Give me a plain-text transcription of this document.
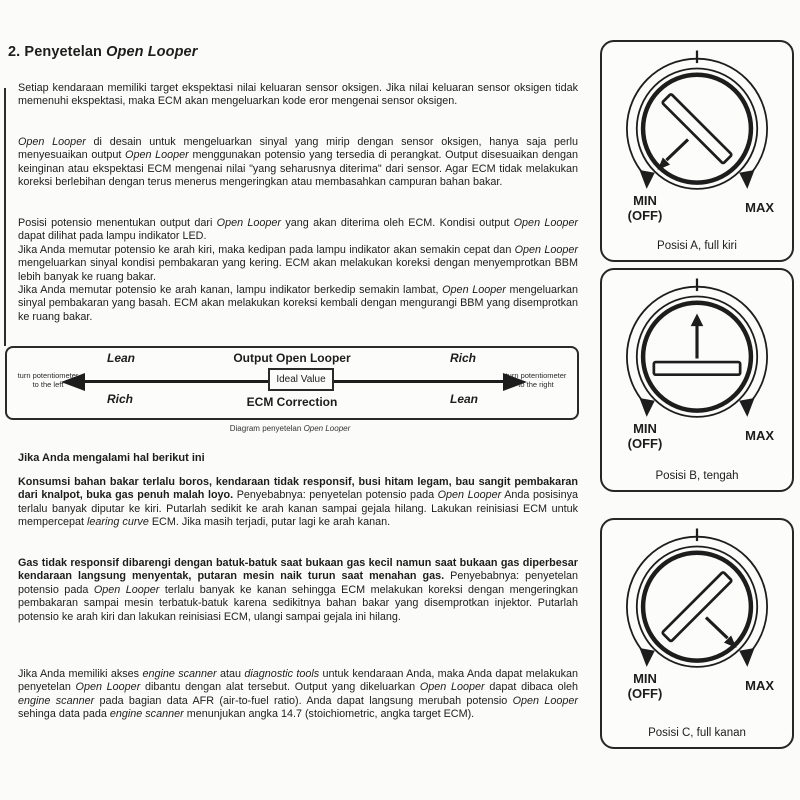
2. Penyetelan Open Looper
Setiap kendaraan memiliki target ekspektasi nilai keluaran sensor oksigen. Jika nilai keluaran sensor oksigen tidak memenuhi ekspektasi, maka ECM akan mengeluarkan kode eror mengenai sensor oksigen.
Open Looper di desain untuk mengeluarkan sinyal yang mirip dengan sensor oksigen, hanya saja perlu menyesuaikan output Open Looper menggunakan potensio yang tersedia di perangkat. Output disesuaikan dengan keinginan atau ekspektasi ECM mengenai nilai "yang seharusnya diterima" dari sensor. Agar ECM tidak melakukan koreksi berlebihan dengan terus menerus mengeringkan atau membasahkan campuran bahan bakar.
Posisi potensio menentukan output dari Open Looper yang akan diterima oleh ECM. Kondisi output Open Looper dapat dilihat pada lampu indikator LED.
Jika Anda memutar potensio ke arah kiri, maka kedipan pada lampu indikator akan semakin cepat dan Open Looper mengeluarkan sinyal kondisi pembakaran yang kering. ECM akan melakukan koreksi dengan menyemprotkan BBM lebih banyak ke ruang bakar.
Jika Anda memutar potensio ke arah kanan, lampu indikator berkedip semakin lambat, Open Looper mengeluarkan sinyal pembakaran yang basah. ECM akan melakukan koreksi kembali dengan mengurangi BBM yang disemprotkan ke ruang bakar.
Output Open Looper
Lean	Rich
turn potentiometer
to the left
turn potentiometer
to the right
Ideal Value
Rich	ECM Correction	Lean
Diagram penyetelan Open Looper
Jika Anda mengalami hal berikut ini
Konsumsi bahan bakar terlalu boros, kendaraan tidak responsif, busi hitam legam, bau sangit pembakaran dari knalpot, buka gas penuh malah loyo. Penyebabnya: penyetelan potensio pada Open Looper Anda posisinya terlalu banyak diputar ke kiri. Putarlah sedikit ke arah kanan sampai gejala hilang. Lakukan reinisiasi ECM untuk mempercepat learing curve ECM. Jika masih terjadi, putar lagi ke arah kanan.
Gas tidak responsif dibarengi dengan batuk-batuk saat bukaan gas kecil namun saat bukaan gas diperbesar kendaraan langsung menyentak, putaran mesin naik turun saat menahan gas. Penyebabnya: penyetelan potensio pada Open Looper terlalu banyak ke kanan sehingga ECM melakukan koreksi dengan mengeringkan pembakaran sampai mesin terbatuk-batuk karena sedikitnya bahan bakar yang disemprotkan injektor. Putarlah potensio ke arah kiri dan lakukan reinisiasi ECM, ulangi sampai gejala ini hilang.
Jika Anda memiliki akses engine scanner atau diagnostic tools untuk kendaraan Anda, maka Anda dapat melakukan penyetelan Open Looper dibantu dengan alat tersebut. Output yang dikeluarkan Open Looper dapat dibaca oleh engine scanner pada bagian data AFR (air-to-fuel ratio). Anda dapat langsung merubah potensio Open Looper sehinga data pada engine scanner menunjukan angka 14.7 (stoichiometric, angka target ECM).
MIN
(OFF)
MAX
Posisi A, full kiri
MIN
(OFF)
MAX
Posisi B, tengah
MIN
(OFF)
MAX
Posisi C, full kanan
